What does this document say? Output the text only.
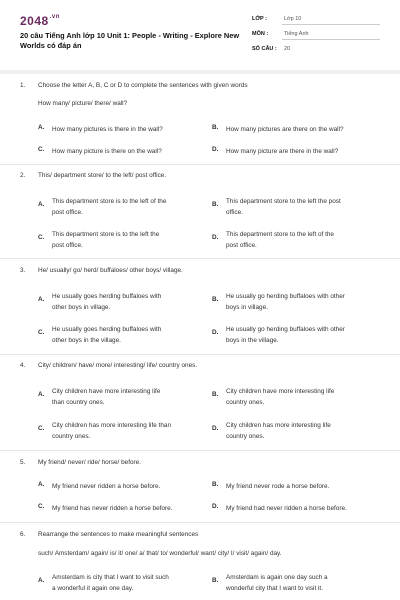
$2048^{.vn}$
20 câu Tiếng Anh lớp 10 Unit 1: People - Writing - Explore New Worlds có đáp án
LỚP :	Lớp 10
MÔN :	Tiếng Anh
SỐ CÂU : 20
1. Choose the letter A, B, C or D to complete the sentences with given words
How many/ picture/ there/ wall?
A. How many pictures is there in the wall?	B. How many pictures are there on the wall?
C. How many picture is there on the wall?	D. How many picture are there in the wall?
2. This/ department store/ to the left/ post office.
A. This department store is to the left of the
post office.
B. This department store to the left the post
office.
C. This department store is to the left the
post office.
D. This department store to the left of the
post office.
3. He/ usually/ go/ herd/ buffaloes/ other boys/ village.
A. He usually goes herding buffaloes with
other boys in village.
B. He usually go herding buffaloes with other
boys in village.
C. He usually goes herding buffaloes with
other boys in the village.
D. He usually go herding buffaloes with other
boys in the village.
4. City/ children/ have/ more/ interesting/ life/ country ones.
A. City children have more interesting life
than country ones.
B. City children have more interesting life
country ones.
C. City children has more interesting life than
country ones.
D. City children has more interesting life
country ones.
5. My friend/ never/ ride/ horse/ before.
A. My friend never ridden a horse before.	B. My friend never rode a horse before.
C. My friend has never ridden a horse before.	D. My friend had never ridden a horse before.
6. Rearrange the sentences to make meaningful sentences
such/ Amsterdam/ again/ is/ it/ one/ a/ that/ to/ wonderful/ want/ city/ I/ visit/ again/ day.
A. Amsterdam is city that I want to visit such
a wonderful it again one day.
B. Amsterdam is again one day such a
wonderful city that I want to visit it.
